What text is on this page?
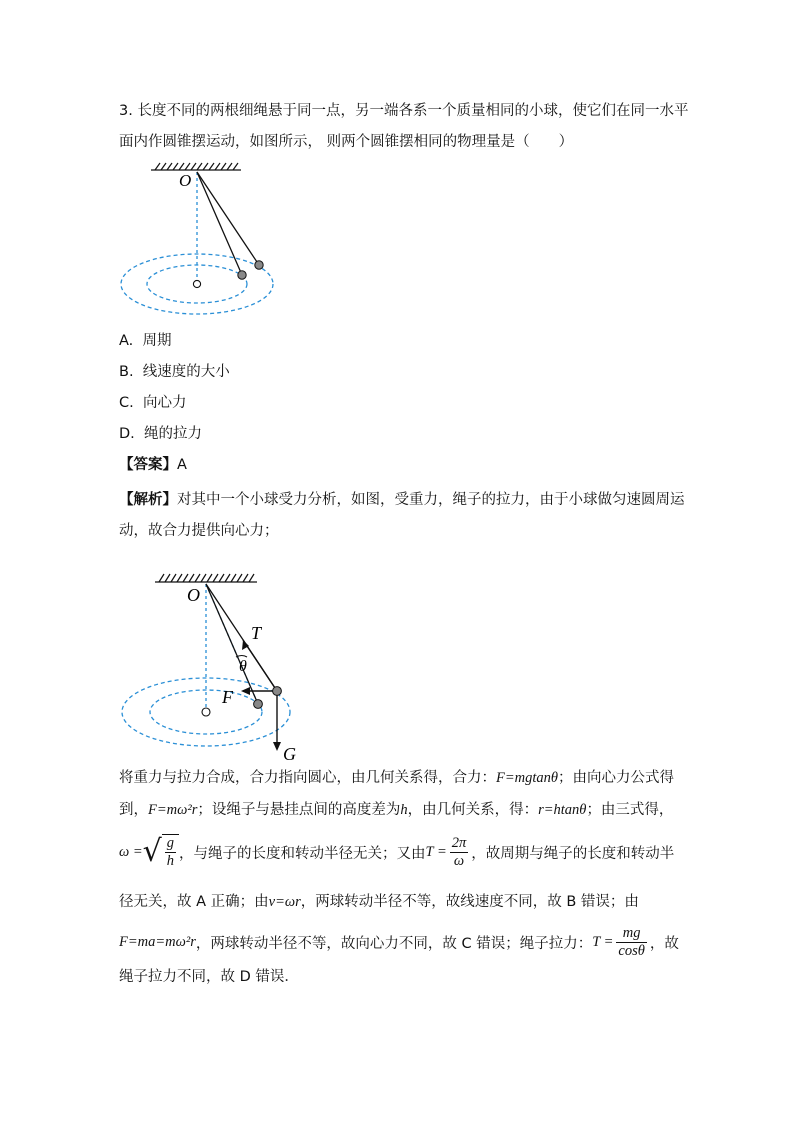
3. 长度不同的两根细绳悬于同一点，另一端各系一个质量相同的小球，使它们在同一水平
面内作圆锥摆运动，如图所示， 则两个圆锥摆相同的物理量是（　　）
O
A. 周期
B. 线速度的大小
C. 向心力
D. 绳的拉力
【答案】A
【解析】对其中一个小球受力分析，如图，受重力，绳子的拉力，由于小球做匀速圆周运
动，故合力提供向心力；
O
T
θ
F
G
将重力与拉力合成，合力指向圆心，由几何关系得，合力：F=mgtanθ；由向心力公式得
到，F=mω²r；设绳子与悬挂点间的高度差为h，由几何关系，得：r=htanθ；由三式得，
ω = √ $\frac{g}{h}$ ，与绳子的长度和转动半径无关；又由 $T = \frac{2\pi}{\omega}$ ，故周期与绳子的长度和转动半
径无关，故 A 正确；由v=ωr，两球转动半径不等，故线速度不同，故 B 错误；由
F=ma=mω²r ，两球转动半径不等，故向心力不同，故 C 错误；绳子拉力： $T = \frac{mg}{\cos\theta}$ ，故
绳子拉力不同，故 D 错误．
